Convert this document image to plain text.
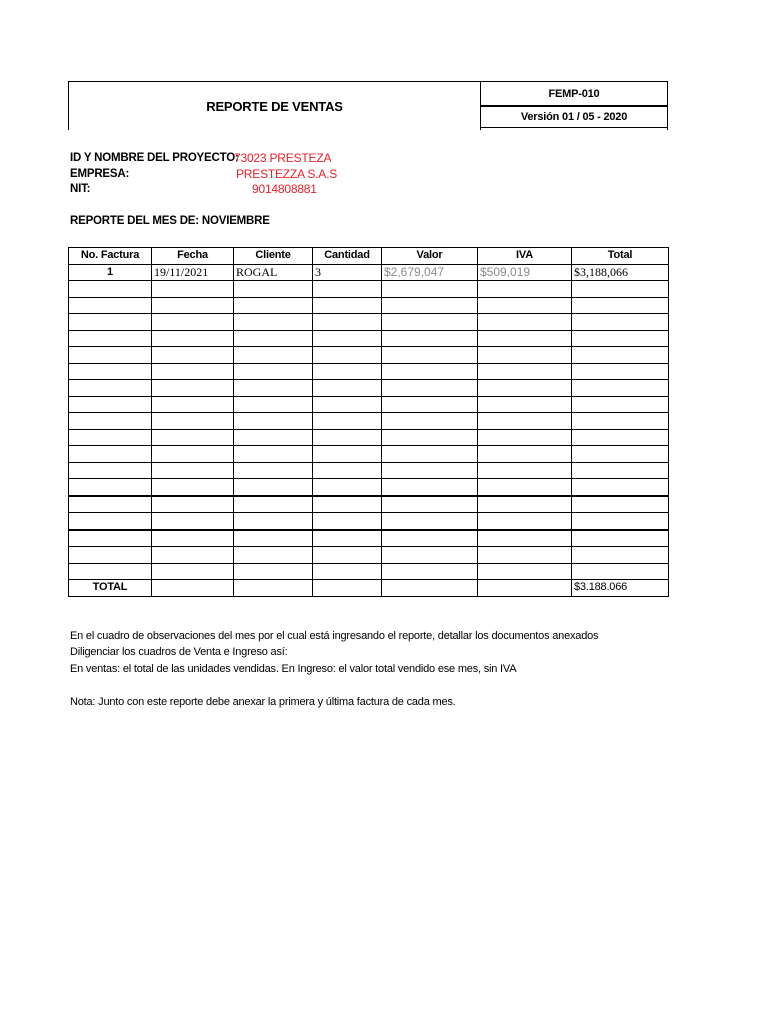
REPORTE DE VENTAS
FEMP-010
Versión 01 / 05 - 2020
ID Y NOMBRE DEL PROYECTO:
73023 PRESTEZA
EMPRESA:	PRESTEZZA S.A.S
NIT:	9014808881
REPORTE DEL MES DE: NOVIEMBRE
No. Factura	Fecha	Cliente	Cantidad	Valor	IVA	Total
1	19/11/2021	ROGAL	3	$2,679,047	$509,019	$3,188,066

TOTAL						$3.188.066
En el cuadro de observaciones del mes por el cual está ingresando el reporte, detallar los documentos anexados
Diligenciar los cuadros de Venta e Ingreso así:
En ventas: el total de las unidades vendidas. En Ingreso: el valor total vendido ese mes, sin IVA
Nota: Junto con este reporte debe anexar la primera y última factura de cada mes.
